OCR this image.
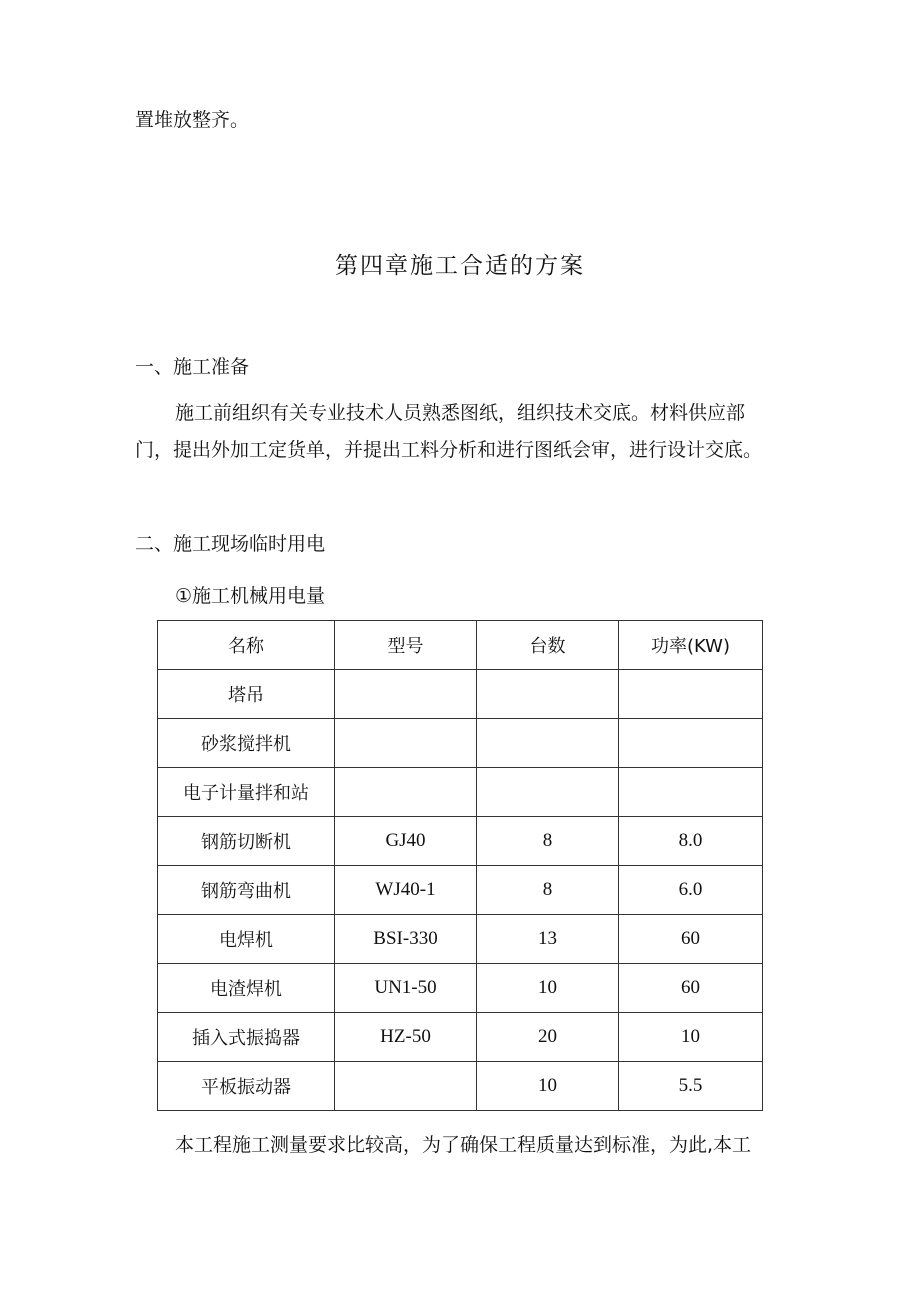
置堆放整齐。
第四章施工合适的方案
一、施工准备
施工前组织有关专业技术人员熟悉图纸，组织技术交底。材料供应部
门，提出外加工定货单，并提出工料分析和进行图纸会审，进行设计交底。
二、施工现场临时用电
①施工机械用电量
名称	型号	台数	功率(KW)
塔吊			
砂浆搅拌机			
电子计量拌和站			
钢筋切断机	GJ40	8	8.0
钢筋弯曲机	WJ40-1	8	6.0
电焊机	BSI-330	13	60
电渣焊机	UN1-50	10	60
插入式振捣器	HZ-50	20	10
平板振动器		10	5.5
本工程施工测量要求比较高，为了确保工程质量达到标准，为此,本工
